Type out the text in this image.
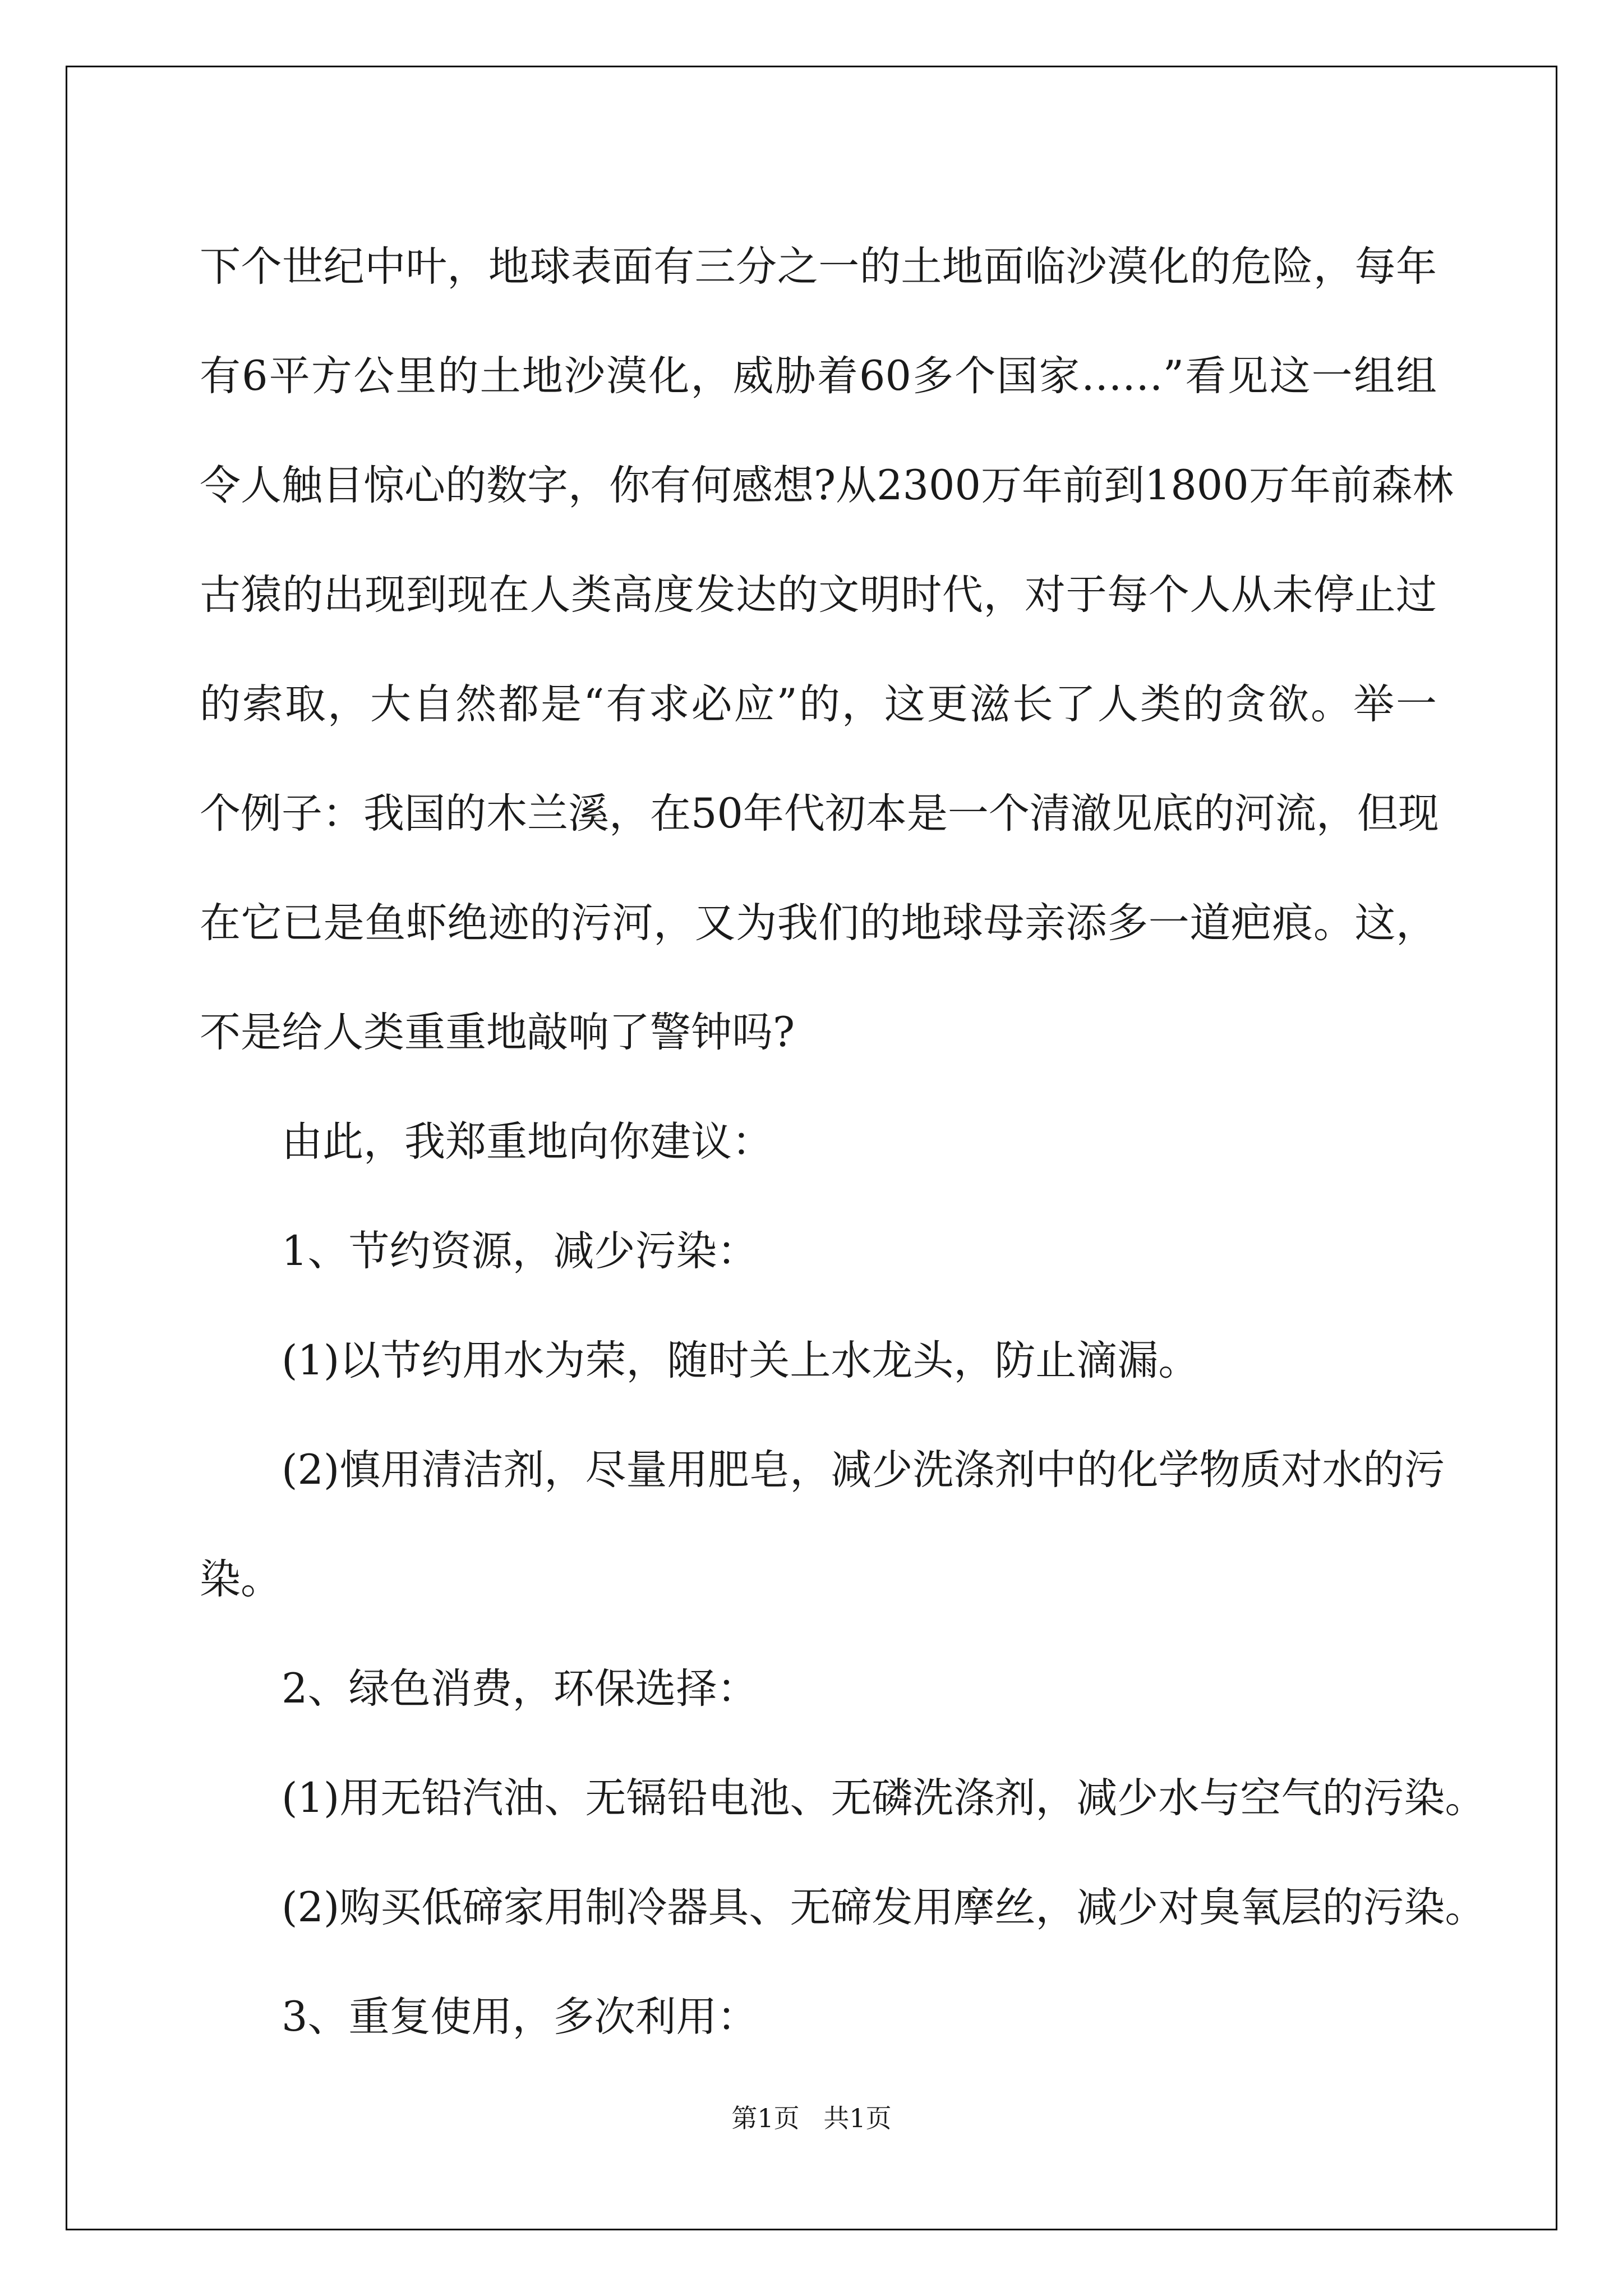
下个世纪中叶，地球表面有三分之一的土地面临沙漠化的危险，每年
有6平方公里的土地沙漠化，威胁着60多个国家……”看见这一组组
令人触目惊心的数字，你有何感想?从2300万年前到1800万年前森林
古猿的出现到现在人类高度发达的文明时代，对于每个人从未停止过
的索取，大自然都是“有求必应”的，这更滋长了人类的贪欲。举一
个例子：我国的木兰溪，在50年代初本是一个清澈见底的河流，但现
在它已是鱼虾绝迹的污河，又为我们的地球母亲添多一道疤痕。这，
不是给人类重重地敲响了警钟吗?
由此，我郑重地向你建议：
1、节约资源，减少污染：
(1)以节约用水为荣，随时关上水龙头，防止滴漏。
(2)慎用清洁剂，尽量用肥皂，减少洗涤剂中的化学物质对水的污
染。
2、绿色消费，环保选择：
(1)用无铅汽油、无镉铅电池、无磷洗涤剂，减少水与空气的污染。
(2)购买低碲家用制冷器具、无碲发用摩丝，减少对臭氧层的污染。
3、重复使用，多次利用：
第1页 共1页
